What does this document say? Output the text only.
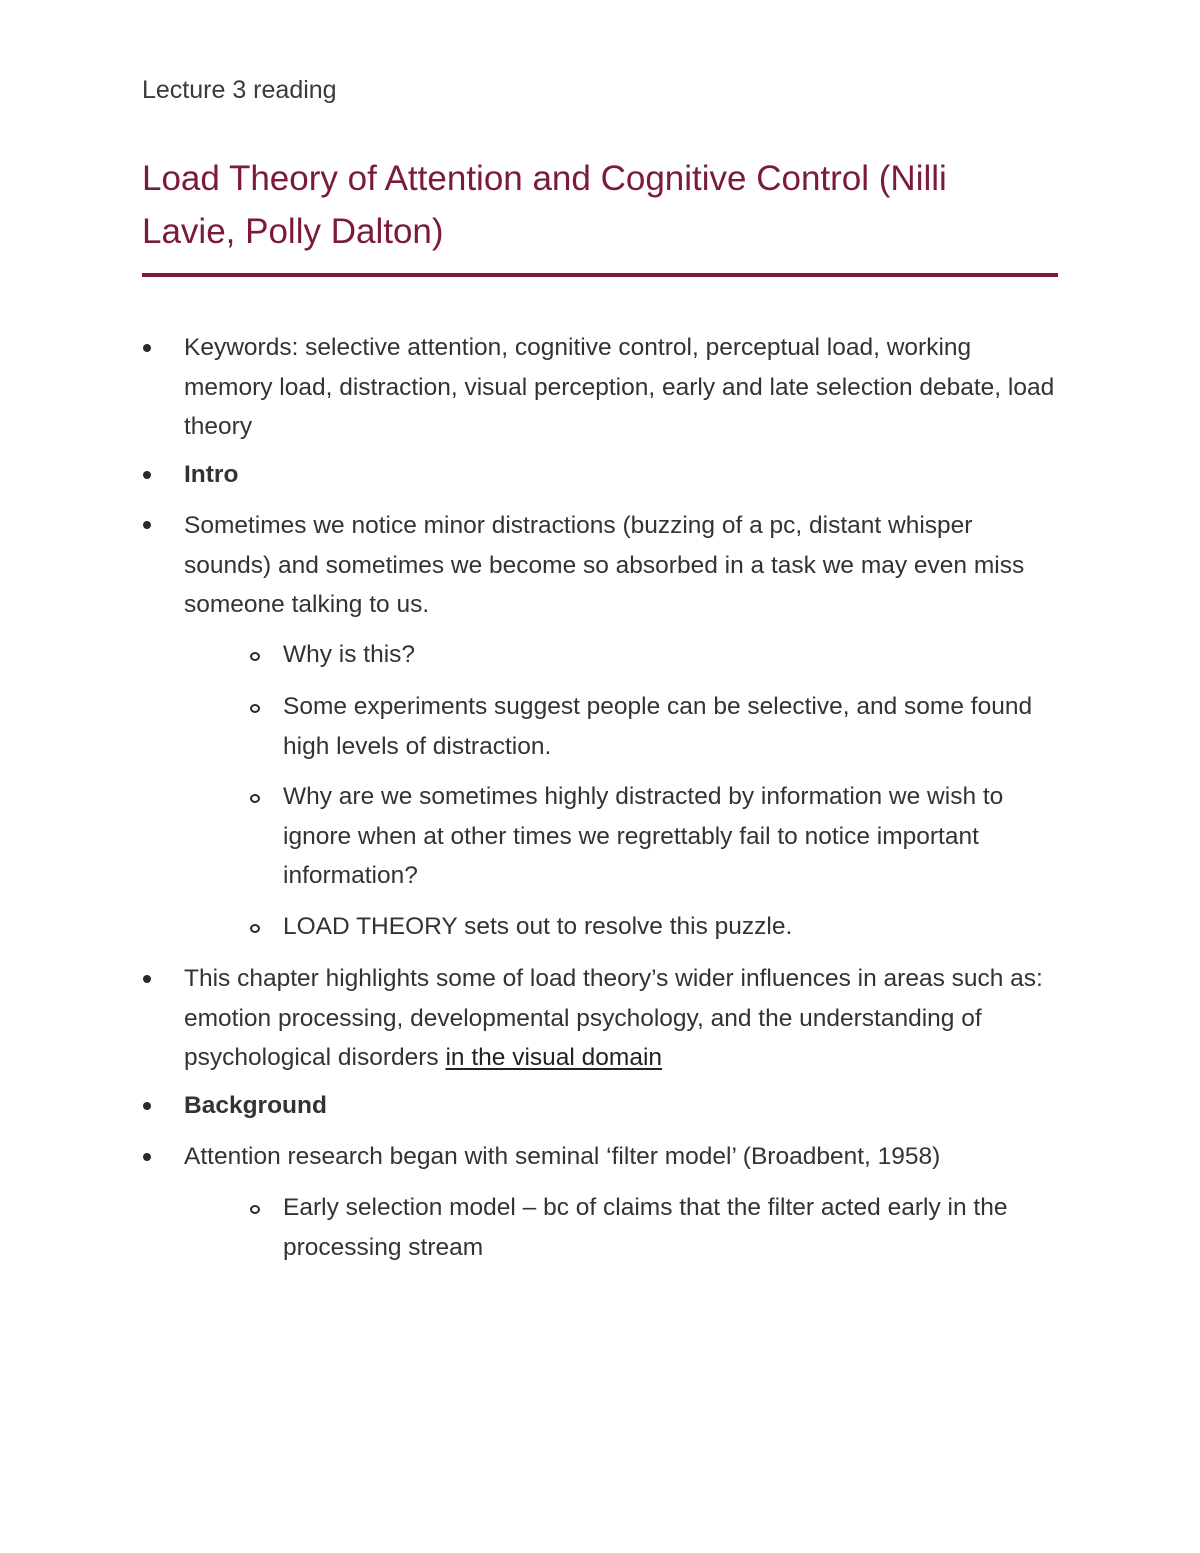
Lecture 3 reading
Load Theory of Attention and Cognitive Control (Nilli Lavie, Polly Dalton)
Keywords: selective attention, cognitive control, perceptual load, working memory load, distraction, visual perception, early and late selection debate, load theory
Intro
Sometimes we notice minor distractions (buzzing of a pc, distant whisper sounds) and sometimes we become so absorbed in a task we may even miss someone talking to us.
Why is this?
Some experiments suggest people can be selective, and some found high levels of distraction.
Why are we sometimes highly distracted by information we wish to ignore when at other times we regrettably fail to notice important information?
LOAD THEORY sets out to resolve this puzzle.
This chapter highlights some of load theory’s wider influences in areas such as: emotion processing, developmental psychology, and the understanding of psychological disorders in the visual domain
Background
Attention research began with seminal ‘filter model’ (Broadbent, 1958)
Early selection model – bc of claims that the filter acted early in the processing stream
